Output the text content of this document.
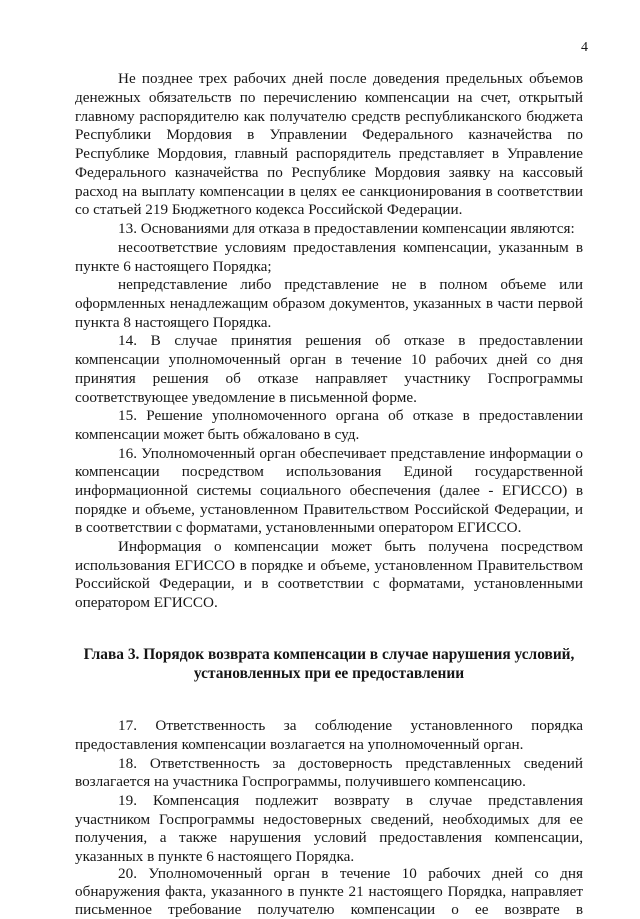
4
Не позднее трех рабочих дней после доведения предельных объемов
денежных обязательств по перечислению компенсации на счет, открытый
главному распорядителю как получателю средств республиканского бюджета
Республики Мордовия в Управлении Федерального казначейства по
Республике Мордовия, главный распорядитель представляет в Управление
Федерального казначейства по Республике Мордовия заявку на кассовый
расход на выплату компенсации в целях ее санкционирования в соответствии
со статьей 219 Бюджетного кодекса Российской Федерации.
13. Основаниями для отказа в предоставлении компенсации являются:
несоответствие условиям предоставления компенсации, указанным в
пункте 6 настоящего Порядка;
непредставление либо представление не в полном объеме или
оформленных ненадлежащим образом документов, указанных в части первой
пункта 8 настоящего Порядка.
14. В случае принятия решения об отказе в предоставлении
компенсации уполномоченный орган в течение 10 рабочих дней со дня
принятия решения об отказе направляет участнику Госпрограммы
соответствующее уведомление в письменной форме.
15. Решение уполномоченного органа об отказе в предоставлении
компенсации может быть обжаловано в суд.
16. Уполномоченный орган обеспечивает представление информации о
компенсации посредством использования Единой государственной
информационной системы социального обеспечения (далее - ЕГИССО) в
порядке и объеме, установленном Правительством Российской Федерации, и
в соответствии с форматами, установленными оператором ЕГИССО.
Информация о компенсации может быть получена посредством
использования ЕГИССО в порядке и объеме, установленном Правительством
Российской Федерации, и в соответствии с форматами, установленными
оператором ЕГИССО.
Глава 3. Порядок возврата компенсации в случае нарушения условий,
установленных при ее предоставлении
17. Ответственность за соблюдение установленного порядка
предоставления компенсации возлагается на уполномоченный орган.
18. Ответственность за достоверность представленных сведений
возлагается на участника Госпрограммы, получившего компенсацию.
19. Компенсация подлежит возврату в случае представления
участником Госпрограммы недостоверных сведений, необходимых для ее
получения, а также нарушения условий предоставления компенсации,
указанных в пункте 6 настоящего Порядка.
20. Уполномоченный орган в течение 10 рабочих дней со дня
обнаружения факта, указанного в пункте 21 настоящего Порядка, направляет
письменное требование получателю компенсации о ее возврате в
